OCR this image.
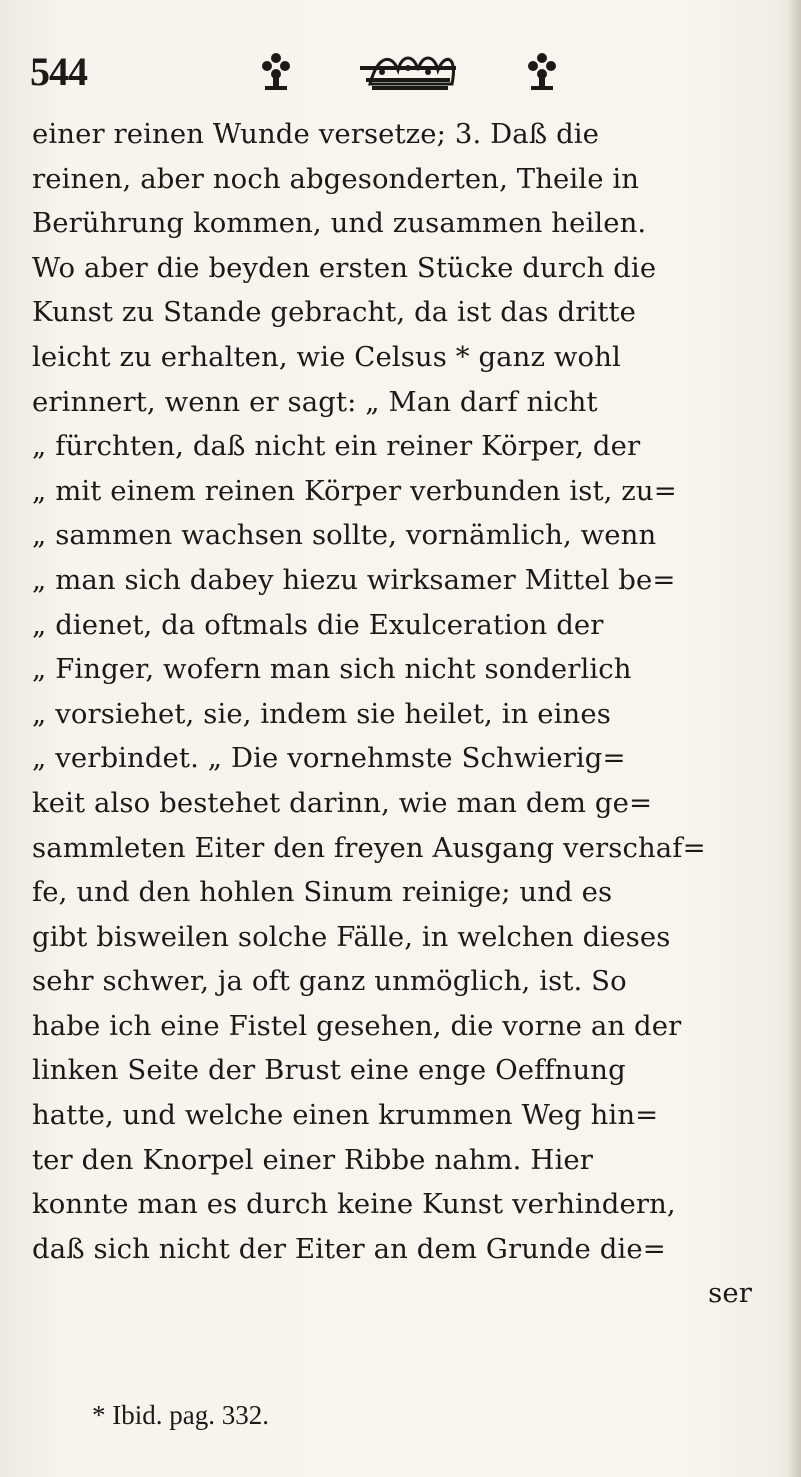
544
einer reinen Wunde versetze; 3. Daß die
reinen, aber noch abgesonderten, Theile in
Berührung kommen, und zusammen heilen.
Wo aber die beyden ersten Stücke durch die
Kunst zu Stande gebracht, da ist das dritte
leicht zu erhalten, wie Celsus * ganz wohl
erinnert, wenn er sagt: „ Man darf nicht
„ fürchten, daß nicht ein reiner Körper, der
„ mit einem reinen Körper verbunden ist, zu=
„ sammen wachsen sollte, vornämlich, wenn
„ man sich dabey hiezu wirksamer Mittel be=
„ dienet, da oftmals die Exulceration der
„ Finger, wofern man sich nicht sonderlich
„ vorsiehet, sie, indem sie heilet, in eines
„ verbindet. „ Die vornehmste Schwierig=
keit also bestehet darinn, wie man dem ge=
sammleten Eiter den freyen Ausgang verschaf=
fe, und den hohlen Sinum reinige; und es
gibt bisweilen solche Fälle, in welchen dieses
sehr schwer, ja oft ganz unmöglich, ist. So
habe ich eine Fistel gesehen, die vorne an der
linken Seite der Brust eine enge Oeffnung
hatte, und welche einen krummen Weg hin=
ter den Knorpel einer Ribbe nahm. Hier
konnte man es durch keine Kunst verhindern,
daß sich nicht der Eiter an dem Grunde die=
ser
* Ibid. pag. 332.
